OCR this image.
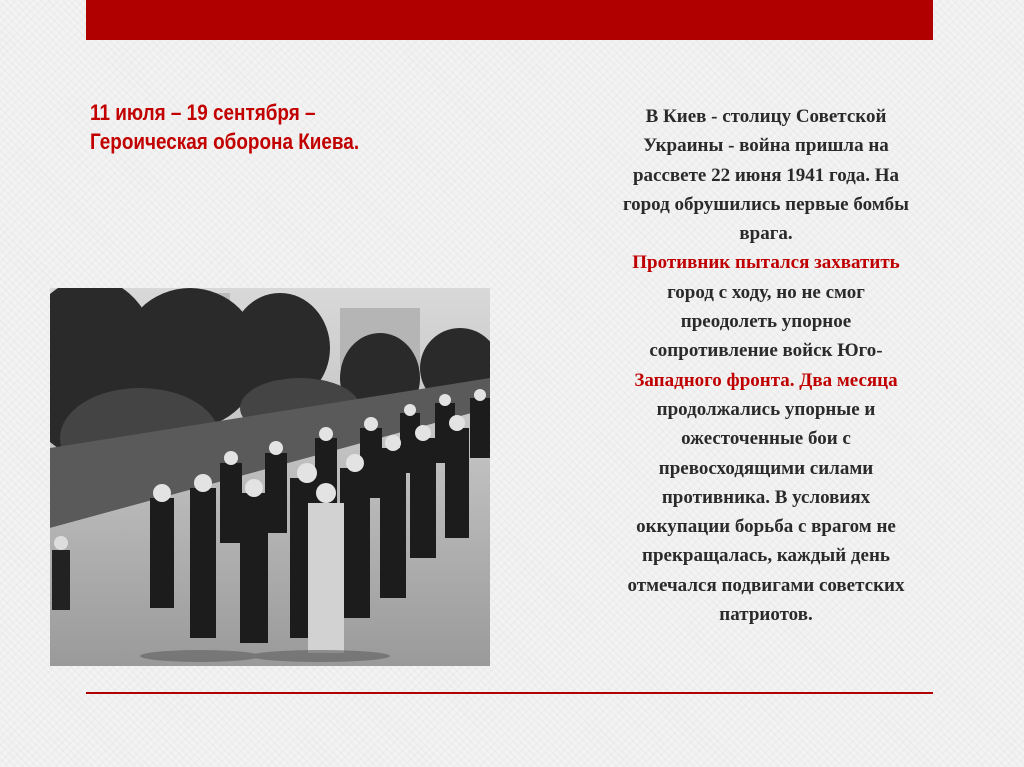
11 июля – 19 сентября –
Героическая оборона Киева.
В Киев - столицу Советской
Украины - война пришла на
рассвете 22 июня 1941 года. На
город обрушились первые бомбы
врага.
Противник пытался захватить
город с ходу, но не смог
преодолеть упорное
сопротивление войск Юго-
Западного фронта. Два месяца
продолжались упорные и
ожесточенные бои с
превосходящими силами
противника. В условиях
оккупации борьба с врагом не
прекращалась, каждый день
отмечался подвигами советских
патриотов.
